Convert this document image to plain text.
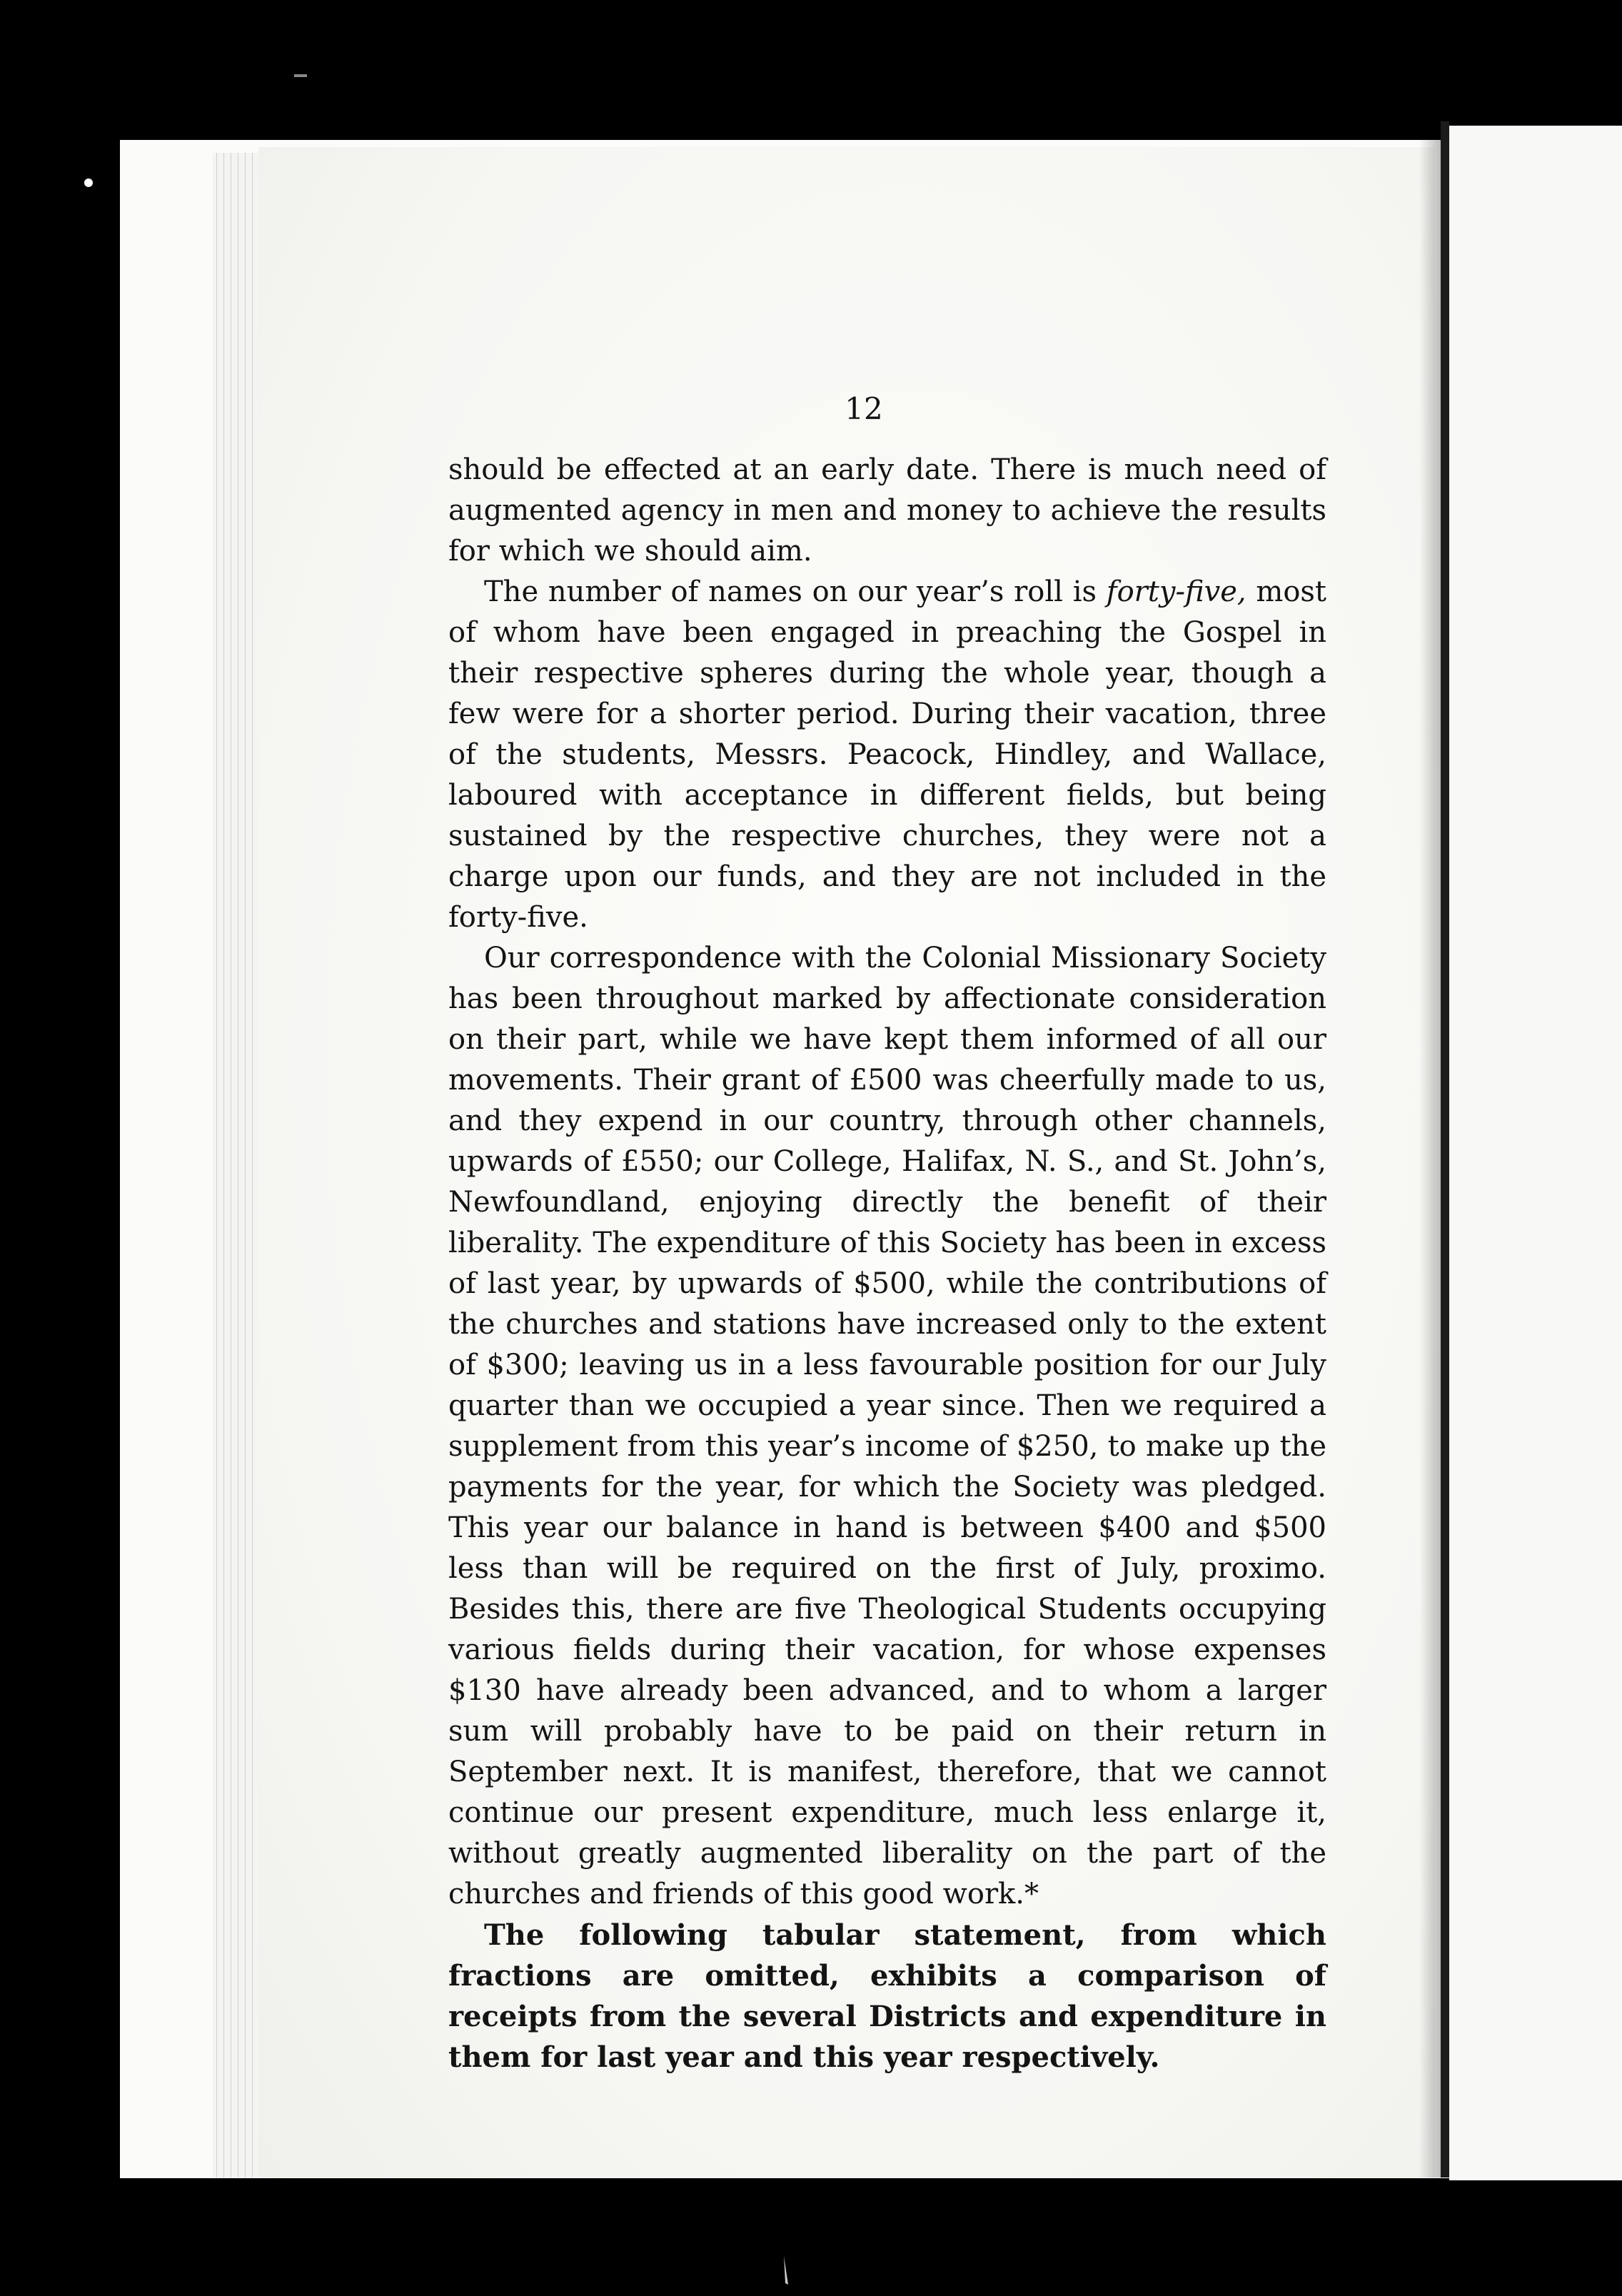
12

should be effected at an early date. There is much need of augmented agency in men and money to achieve the results for which we should aim.

The number of names on our year’s roll is forty-five, most of whom have been engaged in preaching the Gospel in their respective spheres during the whole year, though a few were for a shorter period. During their vacation, three of the students, Messrs. Peacock, Hindley, and Wallace, laboured with acceptance in different fields, but being sustained by the respective churches, they were not a charge upon our funds, and they are not included in the forty-five.

Our correspondence with the Colonial Missionary Society has been throughout marked by affectionate consideration on their part, while we have kept them informed of all our movements. Their grant of £500 was cheerfully made to us, and they expend in our country, through other channels, upwards of £550; our College, Halifax, N. S., and St. John’s, Newfoundland, enjoying directly the benefit of their liberality. The expenditure of this Society has been in excess of last year, by upwards of $500, while the contributions of the churches and stations have increased only to the extent of $300; leaving us in a less favourable position for our July quarter than we occupied a year since. Then we required a supplement from this year’s income of $250, to make up the payments for the year, for which the Society was pledged. This year our balance in hand is between $400 and $500 less than will be required on the first of July, proximo. Besides this, there are five Theological Students occupying various fields during their vacation, for whose expenses $130 have already been advanced, and to whom a larger sum will probably have to be paid on their return in September next. It is manifest, therefore, that we cannot continue our present expenditure, much less enlarge it, without greatly augmented liberality on the part of the churches and friends of this good work.*

The following tabular statement, from which fractions are omitted, exhibits a comparison of receipts from the several Districts and expenditure in them for last year and this year respectively.
